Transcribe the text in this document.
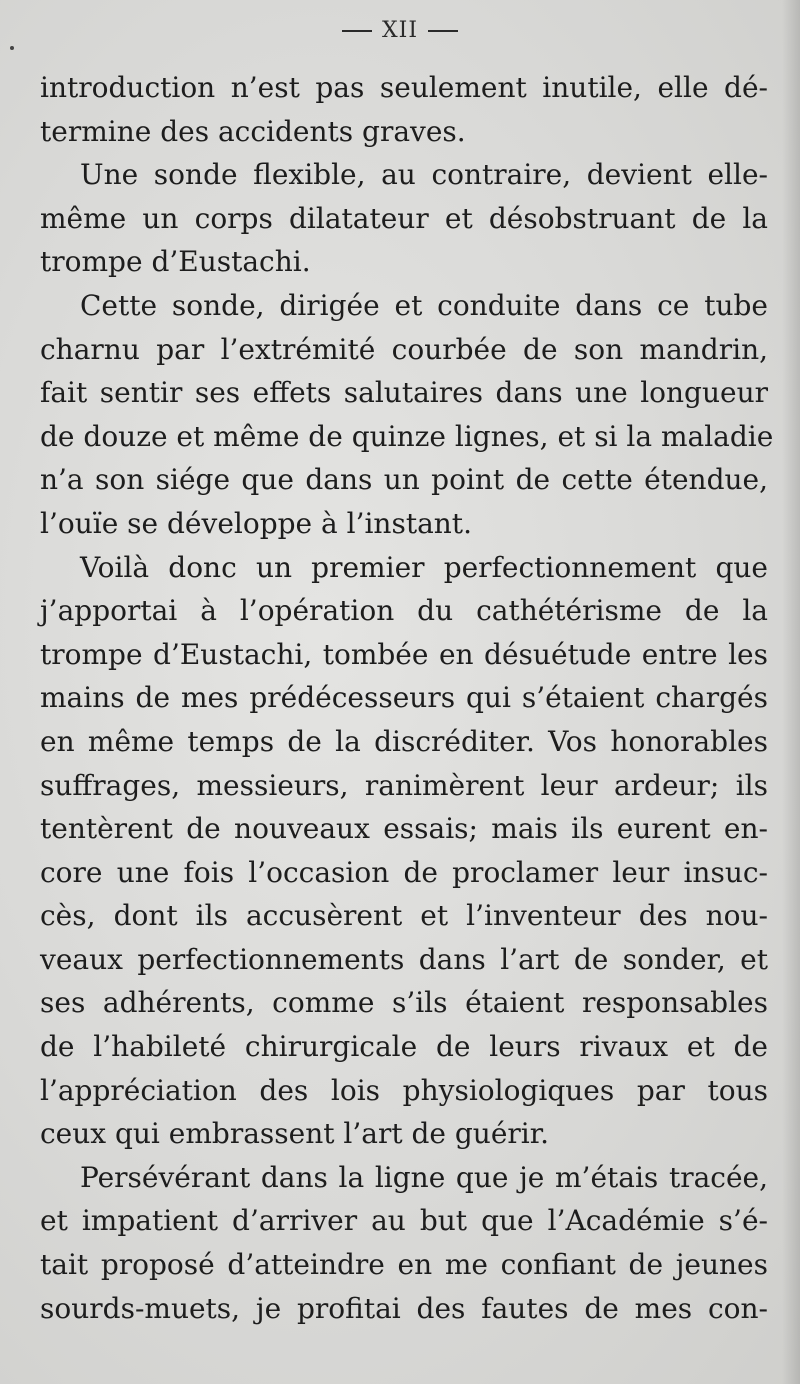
XII
introduction n’est pas seulement inutile, elle dé-
termine des accidents graves.
Une sonde flexible, au contraire, devient elle-
même un corps dilatateur et désobstruant de la
trompe d’Eustachi.
Cette sonde, dirigée et conduite dans ce tube
charnu par l’extrémité courbée de son mandrin,
fait sentir ses effets salutaires dans une longueur
de douze et même de quinze lignes, et si la maladie
n’a son siége que dans un point de cette étendue,
l’ouïe se développe à l’instant.
Voilà donc un premier perfectionnement que
j’apportai à l’opération du cathétérisme de la
trompe d’Eustachi, tombée en désuétude entre les
mains de mes prédécesseurs qui s’étaient chargés
en même temps de la discréditer. Vos honorables
suffrages, messieurs, ranimèrent leur ardeur; ils
tentèrent de nouveaux essais; mais ils eurent en-
core une fois l’occasion de proclamer leur insuc-
cès, dont ils accusèrent et l’inventeur des nou-
veaux perfectionnements dans l’art de sonder, et
ses adhérents, comme s’ils étaient responsables
de l’habileté chirurgicale de leurs rivaux et de
l’appréciation des lois physiologiques par tous
ceux qui embrassent l’art de guérir.
Persévérant dans la ligne que je m’étais tracée,
et impatient d’arriver au but que l’Académie s’é-
tait proposé d’atteindre en me confiant de jeunes
sourds-muets, je profitai des fautes de mes con-
